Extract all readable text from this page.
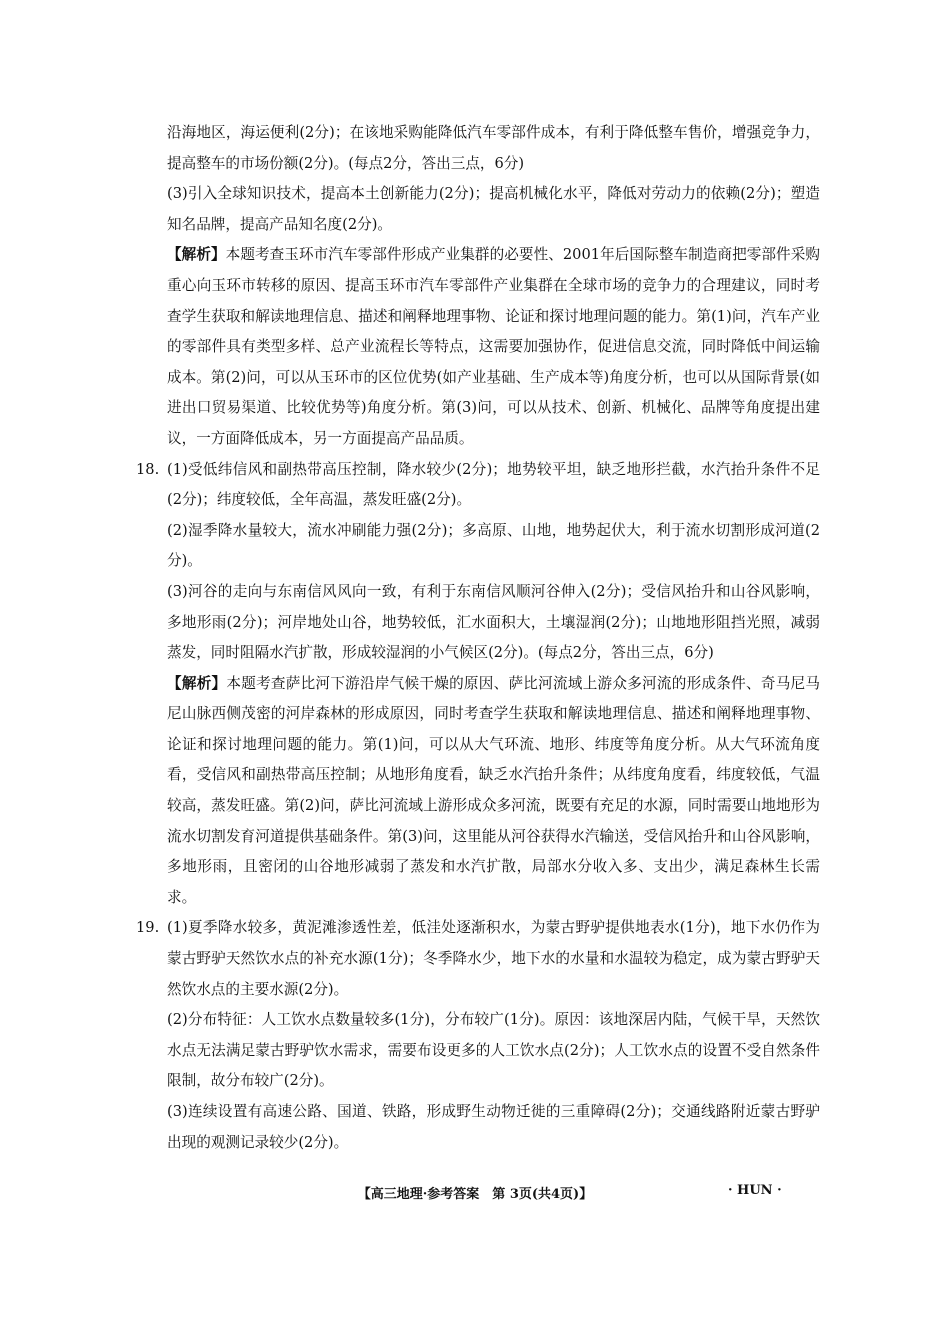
沿海地区，海运便利(2分)；在该地采购能降低汽车零部件成本，有利于降低整车售价，增强竞争力，提高整车的市场份额(2分)。(每点2分，答出三点，6分)

(3)引入全球知识技术，提高本土创新能力(2分)；提高机械化水平，降低对劳动力的依赖(2分)；塑造知名品牌，提高产品知名度(2分)。

【解析】本题考查玉环市汽车零部件形成产业集群的必要性、2001年后国际整车制造商把零部件采购重心向玉环市转移的原因、提高玉环市汽车零部件产业集群在全球市场的竞争力的合理建议，同时考查学生获取和解读地理信息、描述和阐释地理事物、论证和探讨地理问题的能力。第(1)问，汽车产业的零部件具有类型多样、总产业流程长等特点，这需要加强协作，促进信息交流，同时降低中间运输成本。第(2)问，可以从玉环市的区位优势(如产业基础、生产成本等)角度分析，也可以从国际背景(如进出口贸易渠道、比较优势等)角度分析。第(3)问，可以从技术、创新、机械化、品牌等角度提出建议，一方面降低成本，另一方面提高产品品质。

18. (1)受低纬信风和副热带高压控制，降水较少(2分)；地势较平坦，缺乏地形拦截，水汽抬升条件不足(2分)；纬度较低，全年高温，蒸发旺盛(2分)。

(2)湿季降水量较大，流水冲刷能力强(2分)；多高原、山地，地势起伏大，利于流水切割形成河道(2分)。

(3)河谷的走向与东南信风风向一致，有利于东南信风顺河谷伸入(2分)；受信风抬升和山谷风影响，多地形雨(2分)；河岸地处山谷，地势较低，汇水面积大，土壤湿润(2分)；山地地形阻挡光照，减弱蒸发，同时阻隔水汽扩散，形成较湿润的小气候区(2分)。(每点2分，答出三点，6分)

【解析】本题考查萨比河下游沿岸气候干燥的原因、萨比河流域上游众多河流的形成条件、奇马尼马尼山脉西侧茂密的河岸森林的形成原因，同时考查学生获取和解读地理信息、描述和阐释地理事物、论证和探讨地理问题的能力。第(1)问，可以从大气环流、地形、纬度等角度分析。从大气环流角度看，受信风和副热带高压控制；从地形角度看，缺乏水汽抬升条件；从纬度角度看，纬度较低，气温较高，蒸发旺盛。第(2)问，萨比河流域上游形成众多河流，既要有充足的水源，同时需要山地地形为流水切割发育河道提供基础条件。第(3)问，这里能从河谷获得水汽输送，受信风抬升和山谷风影响，多地形雨，且密闭的山谷地形减弱了蒸发和水汽扩散，局部水分收入多、支出少，满足森林生长需求。

19. (1)夏季降水较多，黄泥滩渗透性差，低洼处逐渐积水，为蒙古野驴提供地表水(1分)，地下水仍作为蒙古野驴天然饮水点的补充水源(1分)；冬季降水少，地下水的水量和水温较为稳定，成为蒙古野驴天然饮水点的主要水源(2分)。

(2)分布特征：人工饮水点数量较多(1分)，分布较广(1分)。原因：该地深居内陆，气候干旱，天然饮水点无法满足蒙古野驴饮水需求，需要布设更多的人工饮水点(2分)；人工饮水点的设置不受自然条件限制，故分布较广(2分)。

(3)连续设置有高速公路、国道、铁路，形成野生动物迁徙的三重障碍(2分)；交通线路附近蒙古野驴出现的观测记录较少(2分)。

【高三地理·参考答案　第 3页(共4页)】	· HUN ·
